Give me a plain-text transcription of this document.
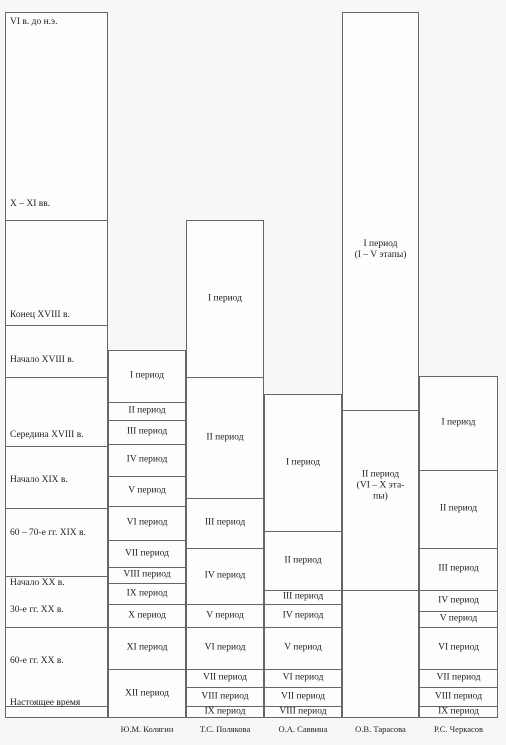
VI в. до н.э.
X – XI вв.
Конец XVIII в.
Начало XVIII в.
Середина XVIII в.
Начало XIX в.
60 – 70-е гг. XIX в.
Начало XX в.
30-е гг. XX в.
60-е гг. XX в.
Настоящее время
I период
II период
III период
IV период
V период
VI период
VII период
VIII период
IX период
X период
XI период
XII период
Ю.М. Колягин
I период
II период
III период
IV период
V период
VI период
VII период
VIII период
IX период
Т.С. Полякова
I период
II период
III период
IV период
V период
VI период
VII период
VIII период
О.А. Саввина
I период
(I – V этапы)
II период
(VI – X эта-
пы)
О.В. Тарасова
I период
II период
III период
IV период
V период
VI период
VII период
VIII период
IX период
Р.С. Черкасов
